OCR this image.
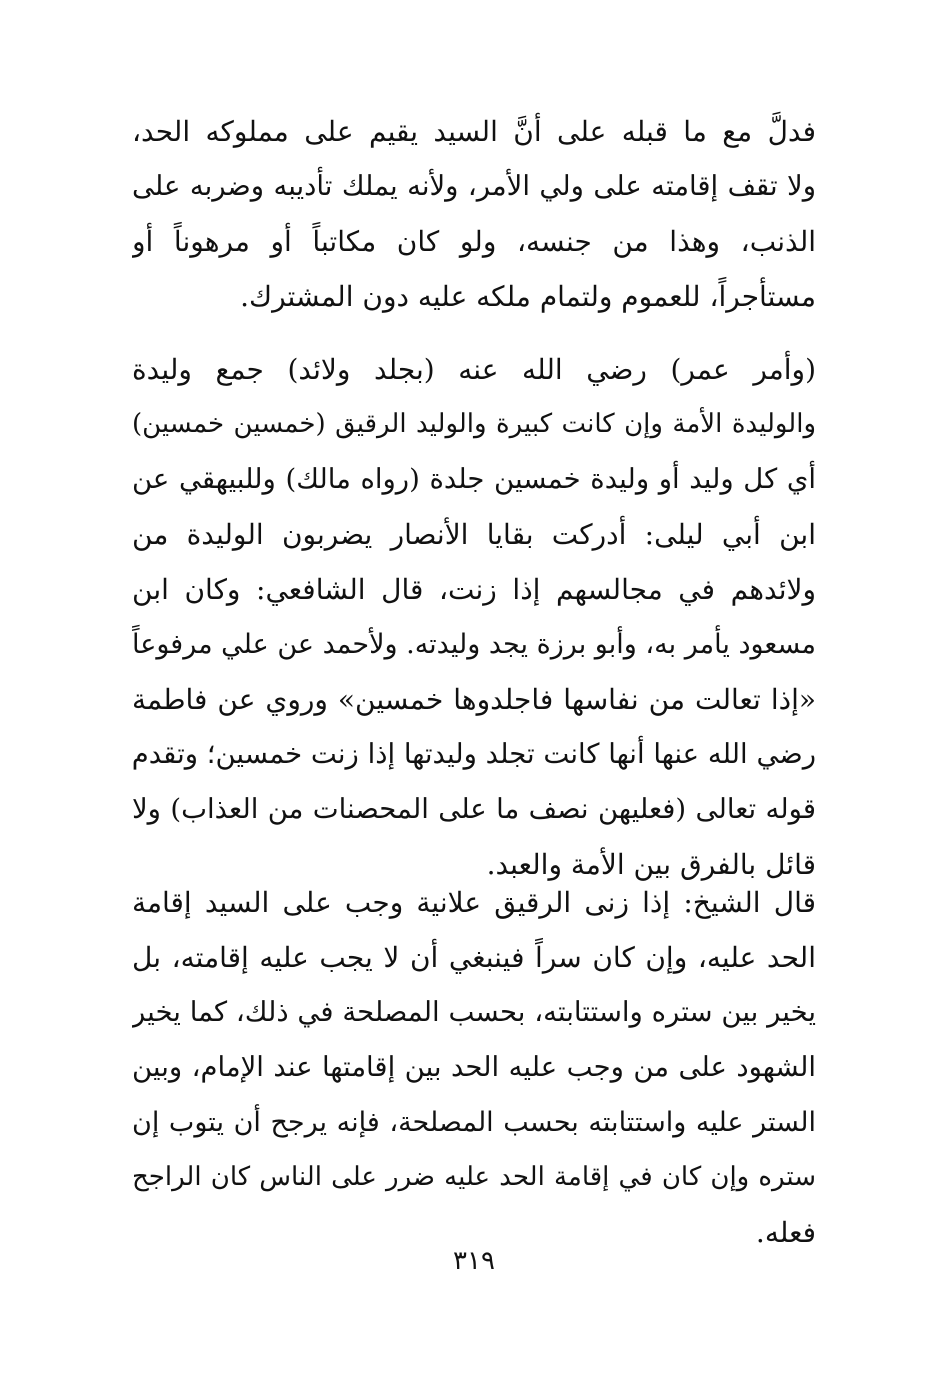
فدلَّ مع ما قبله على أنَّ السيد يقيم على مملوكه الحد،
ولا تقف إقامته على ولي الأمر، ولأنه يملك تأديبه وضربه على
الذنب، وهذا من جنسه، ولو كان مكاتباً أو مرهوناً أو
مستأجراً، للعموم ولتمام ملكه عليه دون المشترك.
(وأمر عمر) رضي الله عنه (بجلد ولائد) جمع وليدة
والوليدة الأمة وإن كانت كبيرة والوليد الرقيق (خمسين خمسين)
أي كل وليد أو وليدة خمسين جلدة (رواه مالك) وللبيهقي عن
ابن أبي ليلى: أدركت بقايا الأنصار يضربون الوليدة من
ولائدهم في مجالسهم إذا زنت، قال الشافعي: وكان ابن
مسعود يأمر به، وأبو برزة يجد وليدته. ولأحمد عن علي مرفوعاً
«إذا تعالت من نفاسها فاجلدوها خمسين» وروي عن فاطمة
رضي الله عنها أنها كانت تجلد وليدتها إذا زنت خمسين؛ وتقدم
قوله تعالى (فعليهن نصف ما على المحصنات من العذاب) ولا
قائل بالفرق بين الأمة والعبد.
قال الشيخ: إذا زنى الرقيق علانية وجب على السيد إقامة
الحد عليه، وإن كان سراً فينبغي أن لا يجب عليه إقامته، بل
يخير بين ستره واستتابته، بحسب المصلحة في ذلك، كما يخير
الشهود على من وجب عليه الحد بين إقامتها عند الإمام، وبين
الستر عليه واستتابته بحسب المصلحة، فإنه يرجح أن يتوب إن
ستره وإن كان في إقامة الحد عليه ضرر على الناس كان الراجح
فعله.
٣١٩
